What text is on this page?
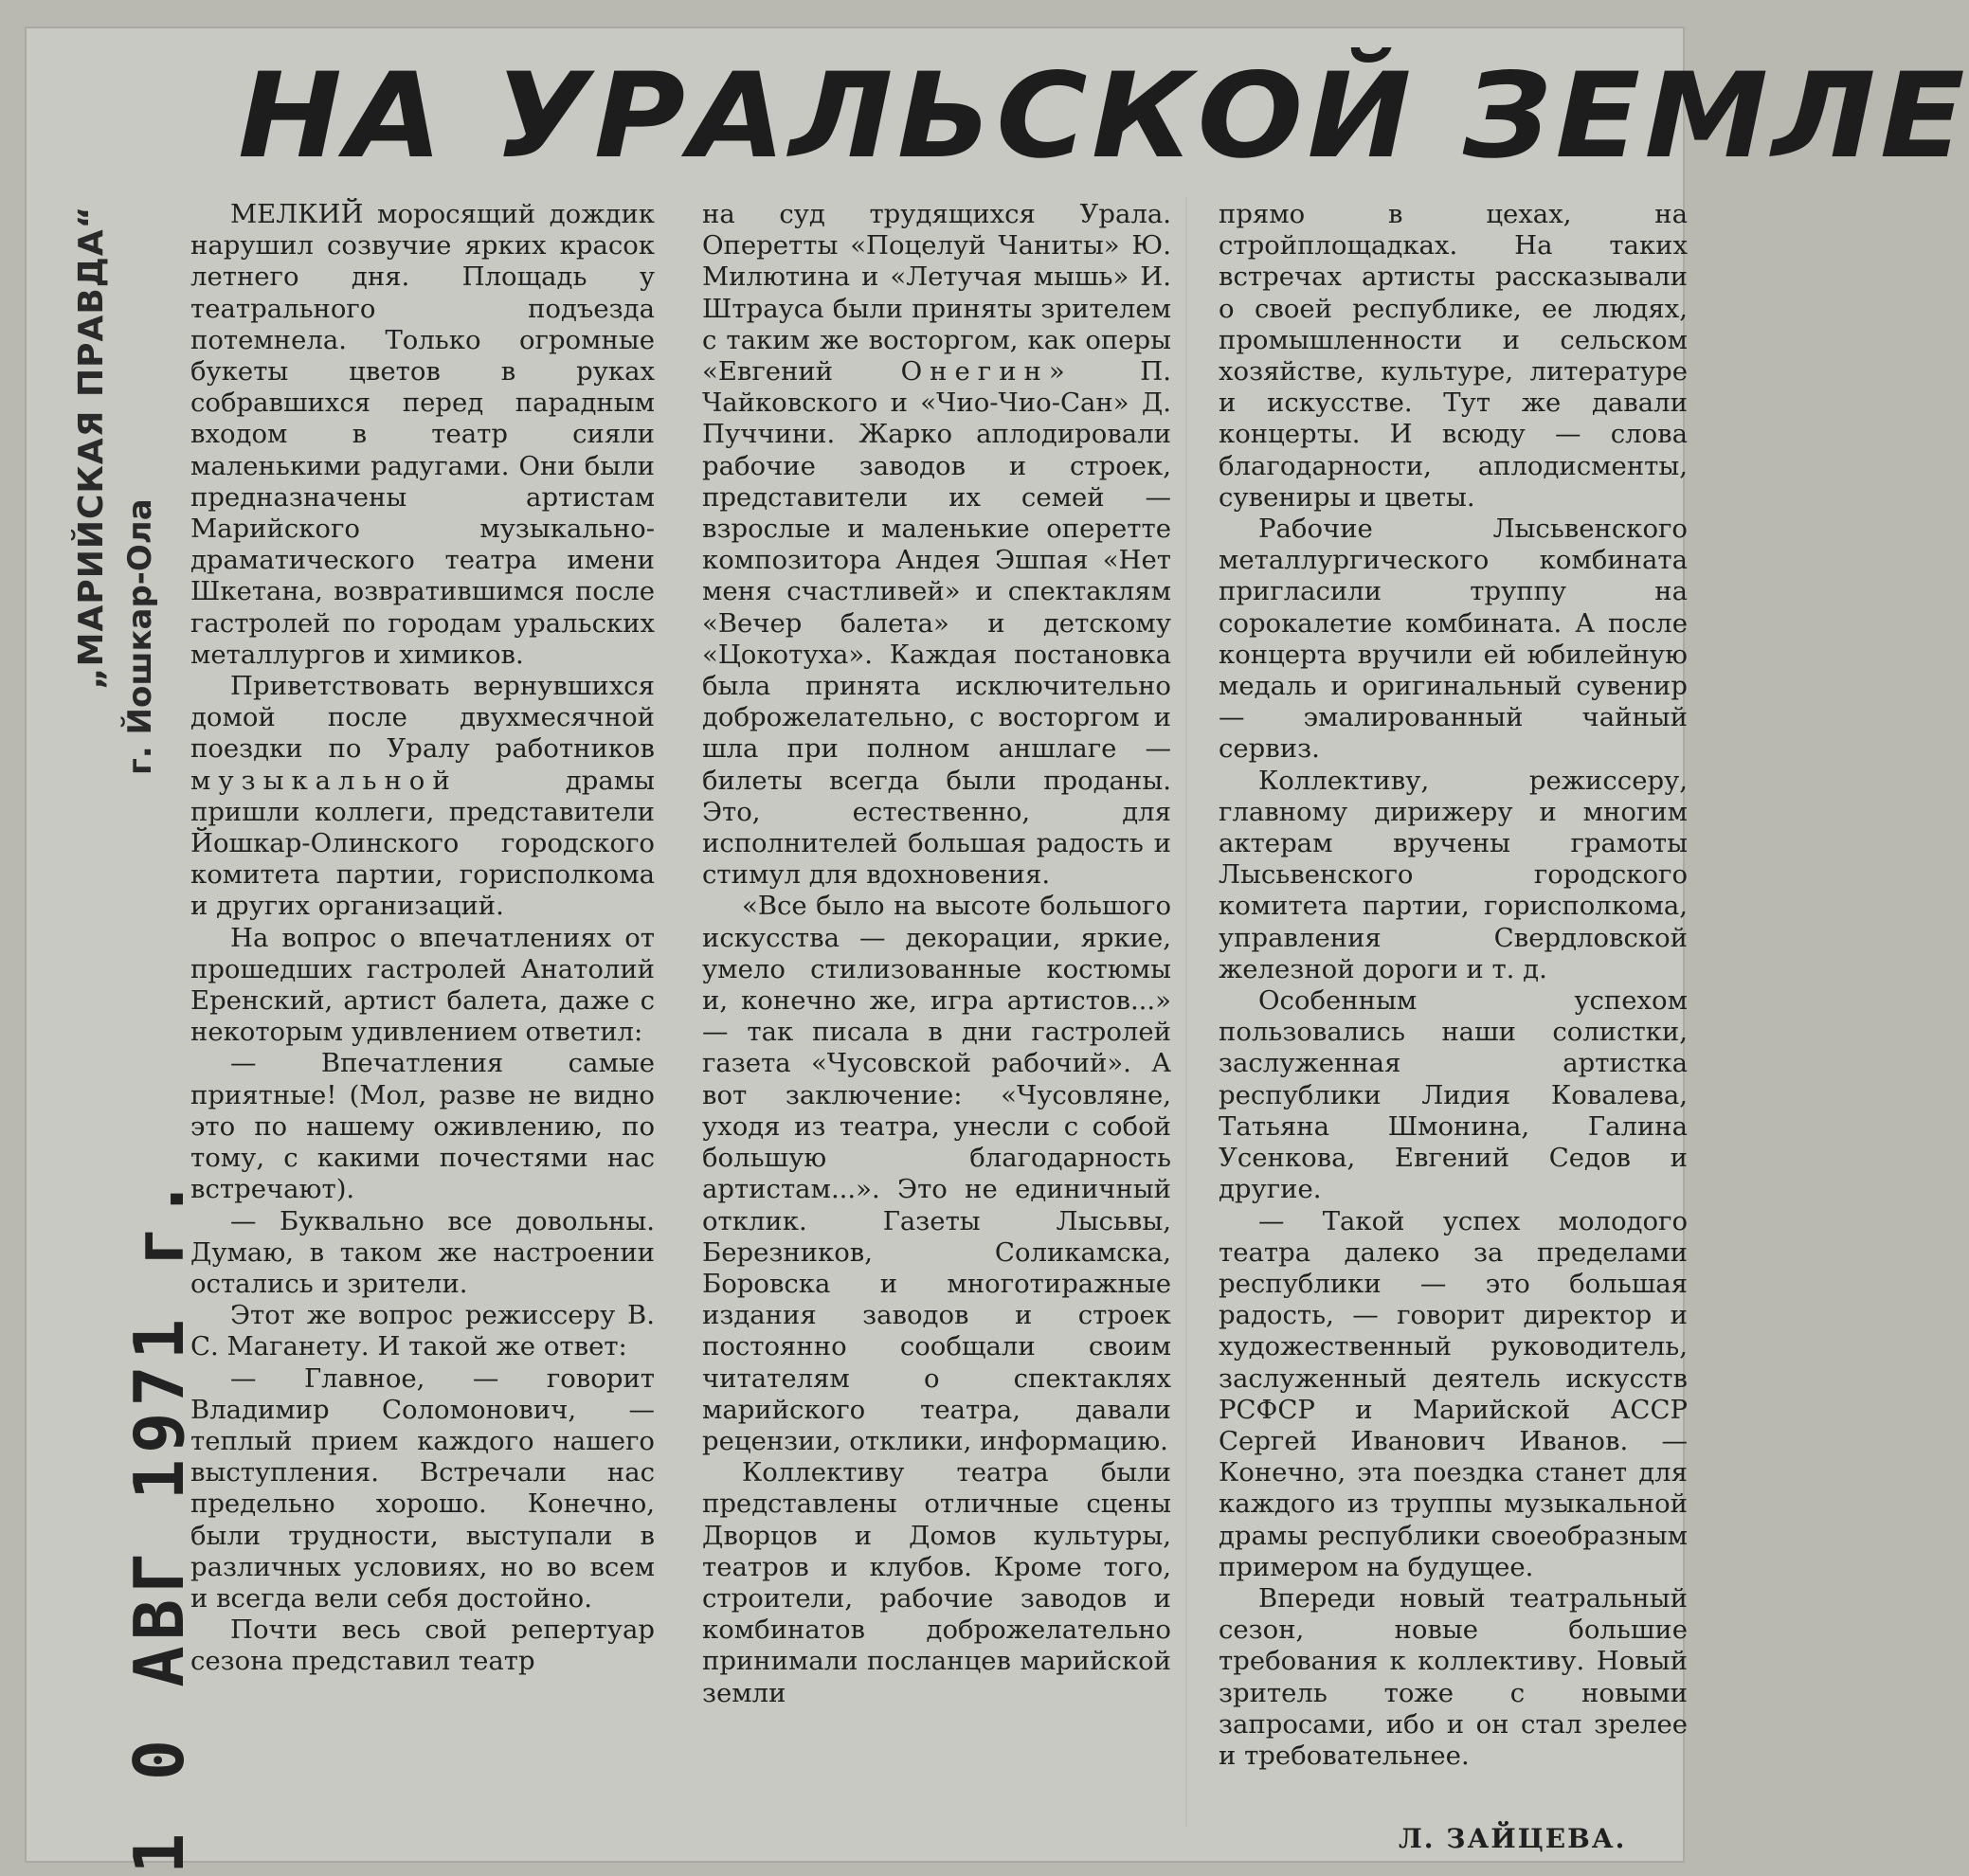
НА УРАЛЬСКОЙ ЗЕМЛЕ
„МАРИЙСКАЯ ПРАВДА“ г. Йошкар-Ола
1 0 АВГ 1971 г.

МЕЛКИЙ моросящий дождик нарушил созвучие ярких красок летнего дня. Площадь у театрального подъезда потемнела. Только огромные букеты цветов в руках собравшихся перед парадным входом в театр сияли маленькими радугами. Они были предназначены артистам Марийского музыкально-драматического театра имени Шкетана, возвратившимся после гастролей по городам уральских металлургов и химиков.

Приветствовать вернувшихся домой после двухмесячной поездки по Уралу работников музыкальной драмы пришли коллеги, представители Йошкар-Олинского городского комитета партии, горисполкома и других организаций.

На вопрос о впечатлениях от прошедших гастролей Анатолий Еренский, артист балета, даже с некоторым удивлением ответил:

— Впечатления самые приятные! (Мол, разве не видно это по нашему оживлению, по тому, с какими почестями нас встречают).

— Буквально все довольны. Думаю, в таком же настроении остались и зрители.

Этот же вопрос режиссеру В. С. Маганету. И такой же ответ:

— Главное, — говорит Владимир Соломонович, — теплый прием каждого нашего выступления. Встречали нас предельно хорошо. Конечно, были трудности, выступали в различных условиях, но во всем и всегда вели себя достойно.

Почти весь свой репертуар сезона представил театр

на суд трудящихся Урала. Оперетты «Поцелуй Чаниты» Ю. Милютина и «Летучая мышь» И. Штрауса были приняты зрителем с таким же восторгом, как оперы «Евгений Онегин» П. Чайковского и «Чио-Чио-Сан» Д. Пуччини. Жарко аплодировали рабочие заводов и строек, представители их семей — взрослые и маленькие оперетте композитора Андея Эшпая «Нет меня счастливей» и спектаклям «Вечер балета» и детскому «Цокотуха». Каждая постановка была принята исключительно доброжелательно, с восторгом и шла при полном аншлаге — билеты всегда были проданы. Это, естественно, для исполнителей большая радость и стимул для вдохновения.

«Все было на высоте большого искусства — декорации, яркие, умело стилизованные костюмы и, конечно же, игра артистов...» — так писала в дни гастролей газета «Чусовской рабочий». А вот заключение: «Чусовляне, уходя из театра, унесли с собой большую благодарность артистам...». Это не единичный отклик. Газеты Лысьвы, Березников, Соликамска, Боровска и многотиражные издания заводов и строек постоянно сообщали своим читателям о спектаклях марийского театра, давали рецензии, отклики, информацию.

Коллективу театра были представлены отличные сцены Дворцов и Домов культуры, театров и клубов. Кроме того, строители, рабочие заводов и комбинатов доброжелательно принимали посланцев марийской земли

прямо в цехах, на стройплощадках. На таких встречах артисты рассказывали о своей республике, ее людях, промышленности и сельском хозяйстве, культуре, литературе и искусстве. Тут же давали концерты. И всюду — слова благодарности, аплодисменты, сувениры и цветы.

Рабочие Лысьвенского металлургического комбината пригласили труппу на сорокалетие комбината. А после концерта вручили ей юбилейную медаль и оригинальный сувенир — эмалированный чайный сервиз.

Коллективу, режиссеру, главному дирижеру и многим актерам вручены грамоты Лысьвенского городского комитета партии, горисполкома, управления Свердловской железной дороги и т. д.

Особенным успехом пользовались наши солистки, заслуженная артистка республики Лидия Ковалева, Татьяна Шмонина, Галина Усенкова, Евгений Седов и другие.

— Такой успех молодого театра далеко за пределами республики — это большая радость, — говорит директор и художественный руководитель, заслуженный деятель искусств РСФСР и Марийской АССР Сергей Иванович Иванов. — Конечно, эта поездка станет для каждого из труппы музыкальной драмы республики своеобразным примером на будущее.

Впереди новый театральный сезон, новые большие требования к коллективу. Новый зритель тоже с новыми запросами, ибо и он стал зрелее и требовательнее.

Л. ЗАЙЦЕВА.
